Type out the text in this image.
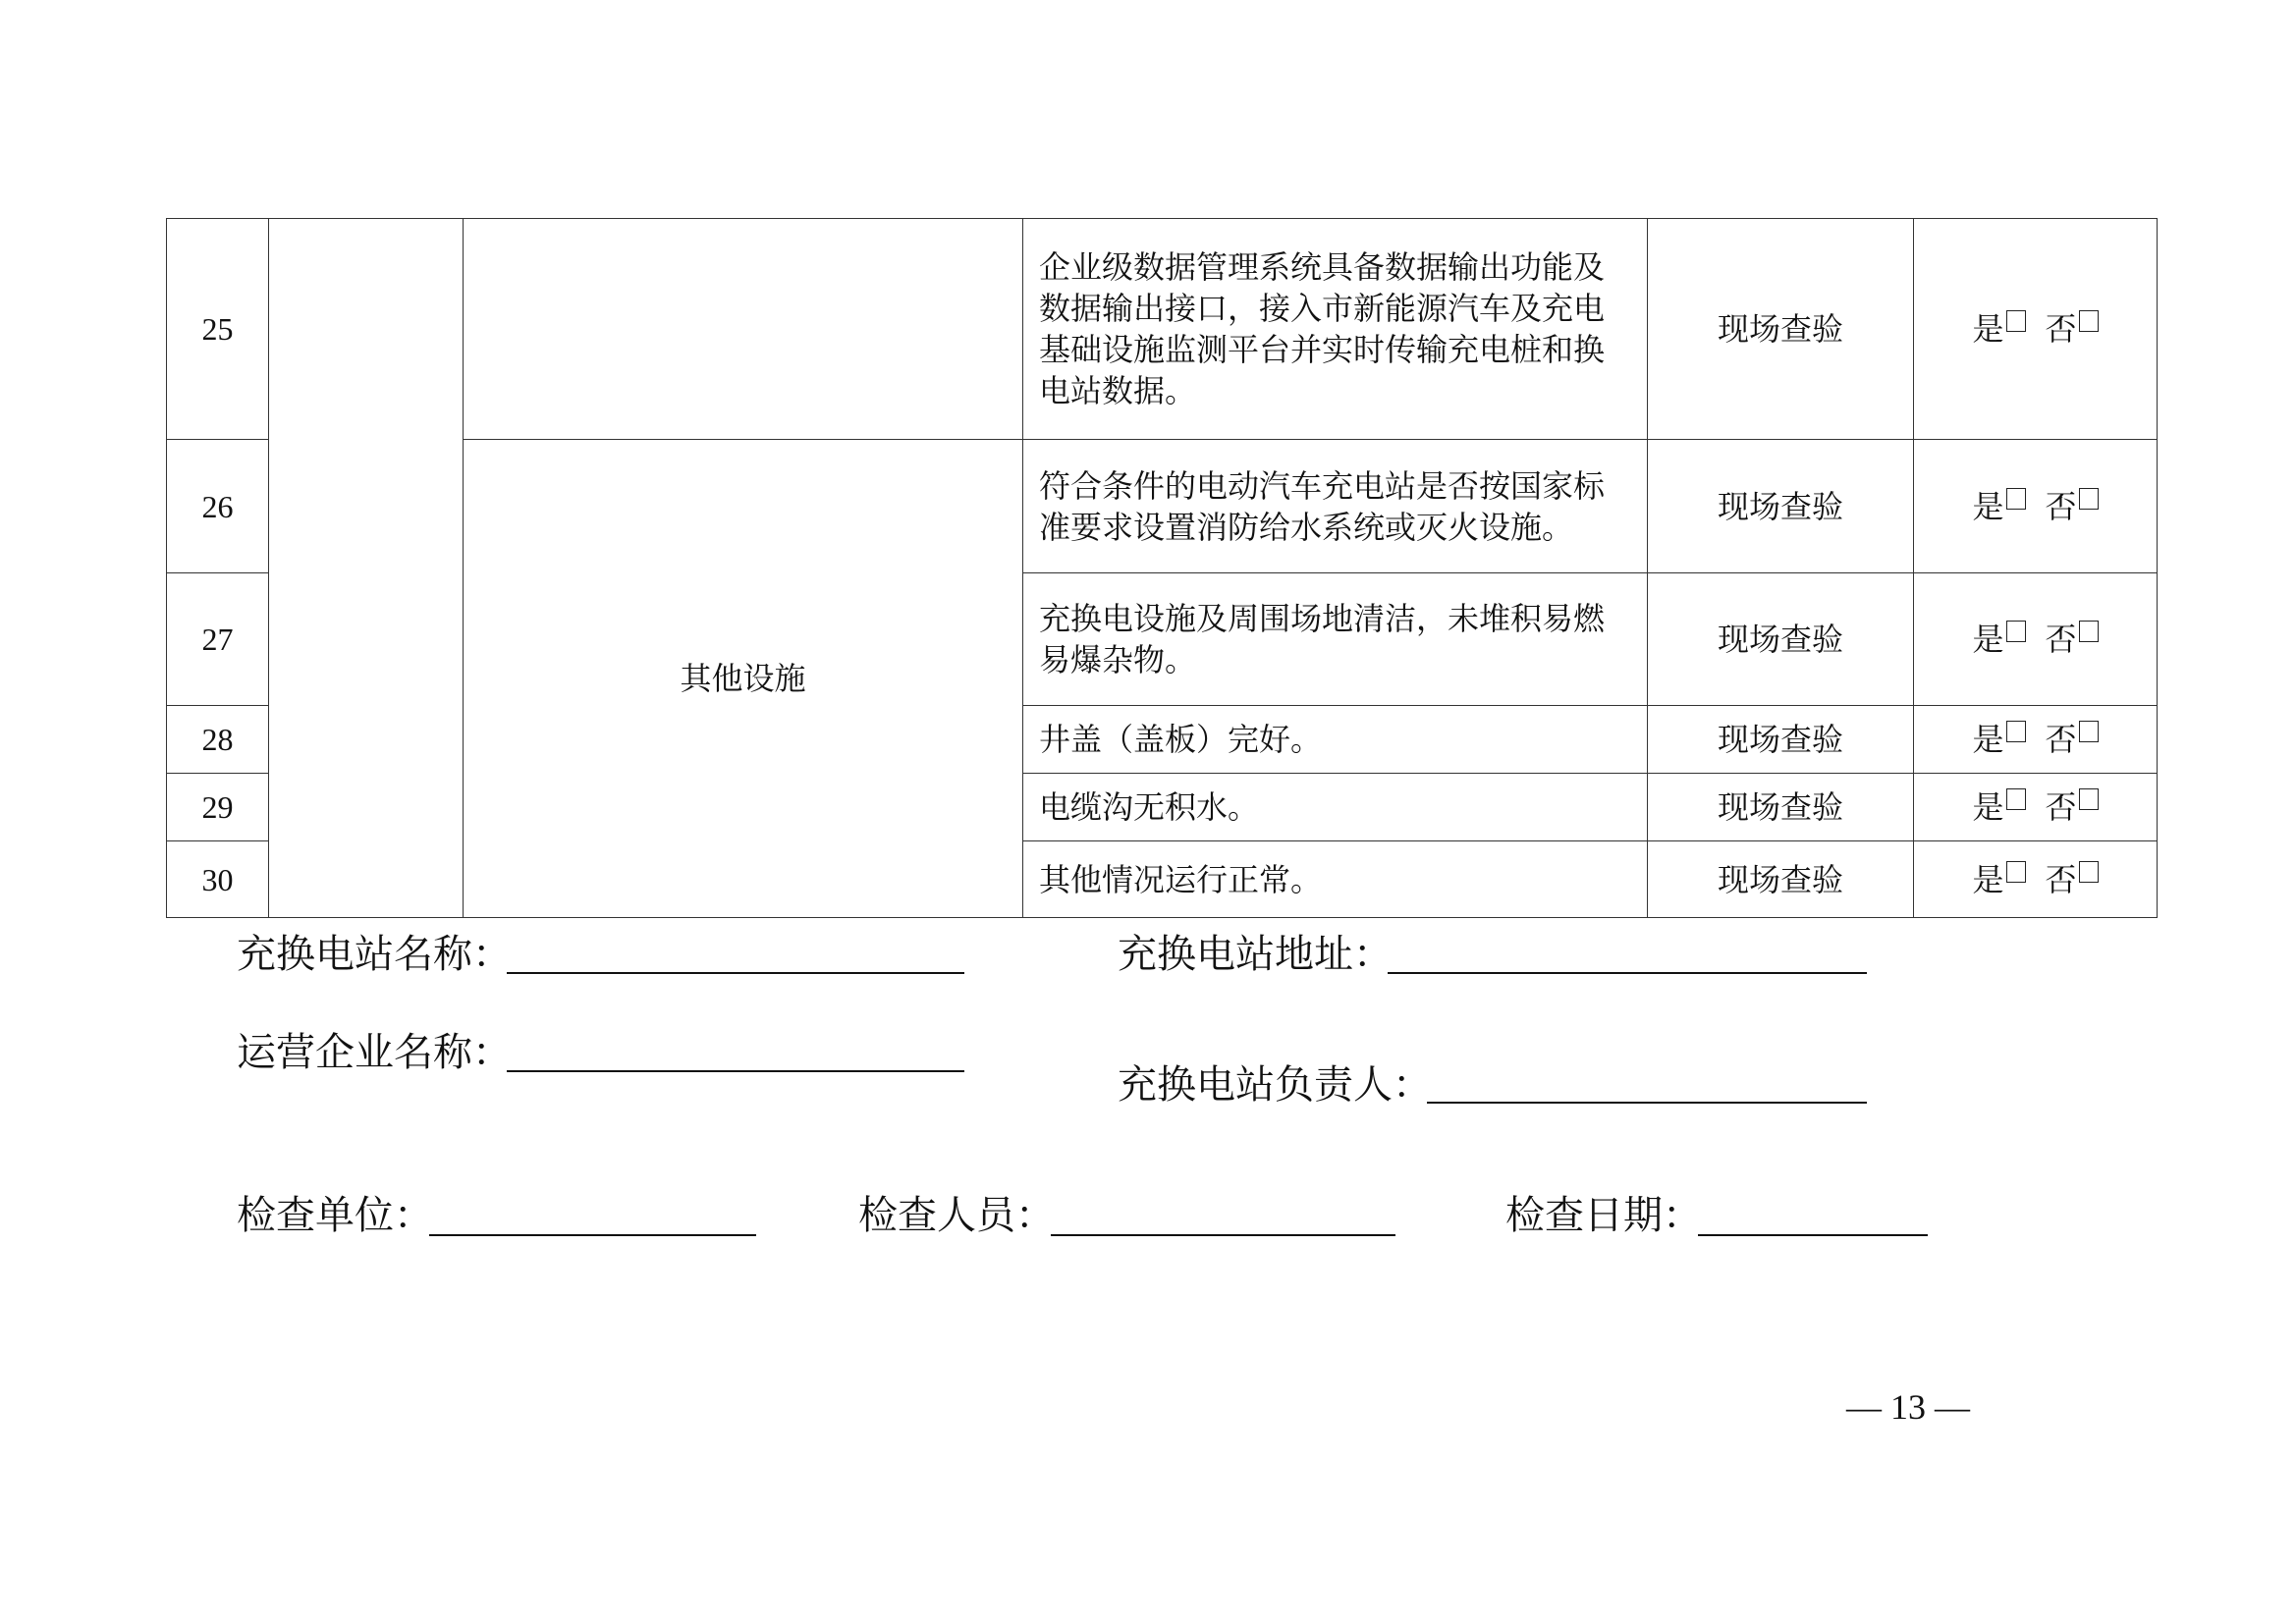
25			企业级数据管理系统具备数据输出功能及数据输出接口，接入市新能源汽车及充电基础设施监测平台并实时传输充电桩和换电站数据。	现场查验	是 否
26		其他设施	符合条件的电动汽车充电站是否按国家标准要求设置消防给水系统或灭火设施。	现场查验	是 否
27			充换电设施及周围场地清洁，未堆积易燃易爆杂物。	现场查验	是 否
28			井盖（盖板）完好。	现场查验	是 否
29			电缆沟无积水。	现场查验	是 否
30			其他情况运行正常。	现场查验	是 否
充换电站名称：	充换电站地址：
运营企业名称：
充换电站负责人：
检查单位：	检查人员：	检查日期：
— 13 —
